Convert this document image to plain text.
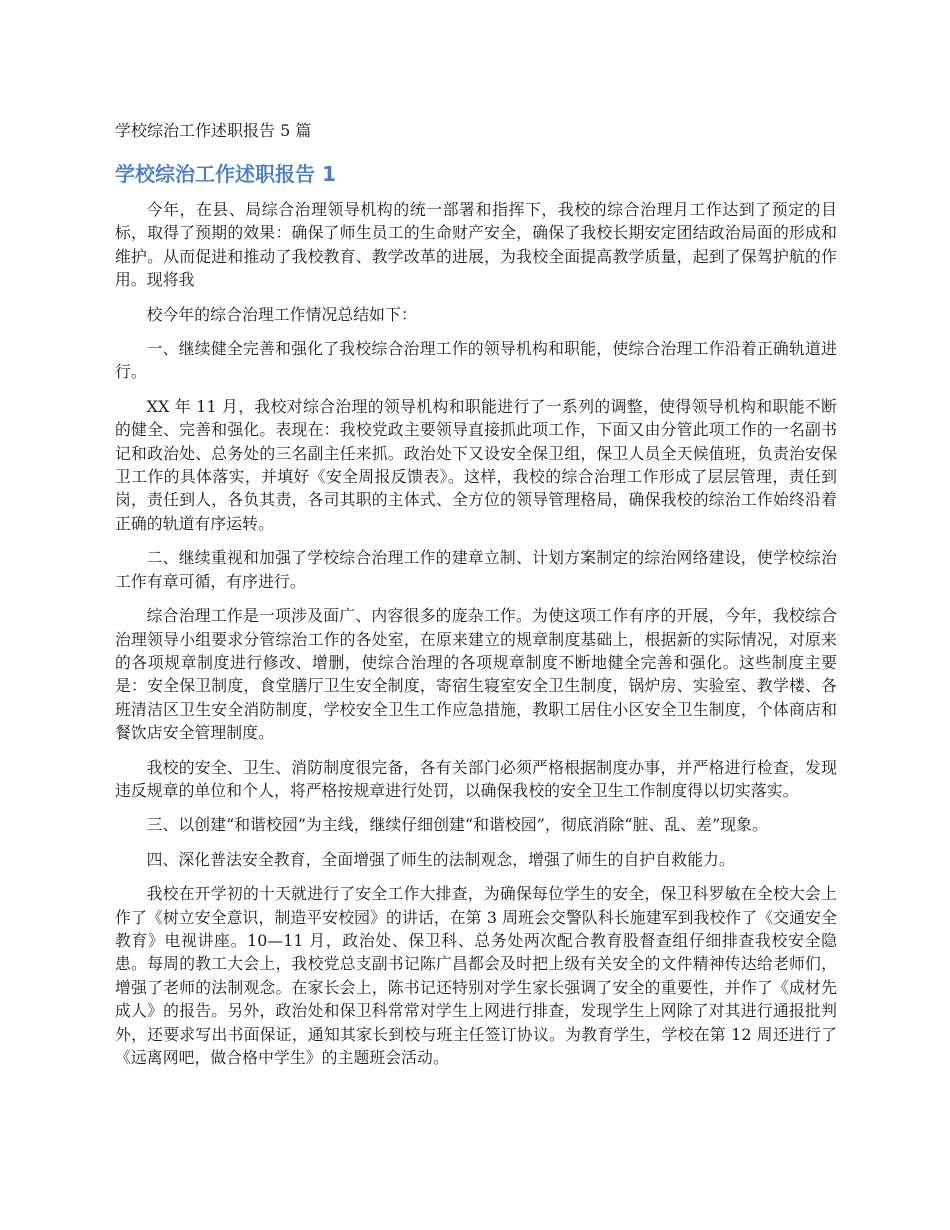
学校综治工作述职报告 5 篇
学校综治工作述职报告 1

今年，在县、局综合治理领导机构的统一部署和指挥下，我校的综合治理月工作达到了预定的目标，取得了预期的效果：确保了师生员工的生命财产安全，确保了我校长期安定团结政治局面的形成和维护。从而促进和推动了我校教育、教学改革的进展，为我校全面提高教学质量，起到了保驾护航的作用。现将我

校今年的综合治理工作情况总结如下：

一、继续健全完善和强化了我校综合治理工作的领导机构和职能，使综合治理工作沿着正确轨道进行。

XX 年 11 月，我校对综合治理的领导机构和职能进行了一系列的调整，使得领导机构和职能不断的健全、完善和强化。表现在：我校党政主要领导直接抓此项工作，下面又由分管此项工作的一名副书记和政治处、总务处的三名副主任来抓。政治处下又设安全保卫组，保卫人员全天候值班，负责治安保卫工作的具体落实，并填好《安全周报反馈表》。这样，我校的综合治理工作形成了层层管理，责任到岗，责任到人，各负其责，各司其职的主体式、全方位的领导管理格局，确保我校的综治工作始终沿着正确的轨道有序运转。

二、继续重视和加强了学校综合治理工作的建章立制、计划方案制定的综治网络建设，使学校综治工作有章可循，有序进行。

综合治理工作是一项涉及面广、内容很多的庞杂工作。为使这项工作有序的开展，今年，我校综合治理领导小组要求分管综治工作的各处室，在原来建立的规章制度基础上，根据新的实际情况，对原来的各项规章制度进行修改、增删，使综合治理的各项规章制度不断地健全完善和强化。这些制度主要是：安全保卫制度，食堂膳厅卫生安全制度，寄宿生寝室安全卫生制度，锅炉房、实验室、教学楼、各班清洁区卫生安全消防制度，学校安全卫生工作应急措施，教职工居住小区安全卫生制度，个体商店和餐饮店安全管理制度。

我校的安全、卫生、消防制度很完备，各有关部门必须严格根据制度办事，并严格进行检查，发现违反规章的单位和个人，将严格按规章进行处罚，以确保我校的安全卫生工作制度得以切实落实。

三、以创建“和谐校园”为主线，继续仔细创建“和谐校园”，彻底消除“脏、乱、差”现象。

四、深化普法安全教育，全面增强了师生的法制观念，增强了师生的自护自救能力。

我校在开学初的十天就进行了安全工作大排查，为确保每位学生的安全，保卫科罗敏在全校大会上作了《树立安全意识，制造平安校园》的讲话，在第 3 周班会交警队科长施建军到我校作了《交通安全教育》电视讲座。10—11 月，政治处、保卫科、总务处两次配合教育股督查组仔细排查我校安全隐患。每周的教工大会上，我校党总支副书记陈广昌都会及时把上级有关安全的文件精神传达给老师们，增强了老师的法制观念。在家长会上，陈书记还特别对学生家长强调了安全的重要性，并作了《成材先成人》的报告。另外，政治处和保卫科常常对学生上网进行排查，发现学生上网除了对其进行通报批判外，还要求写出书面保证，通知其家长到校与班主任签订协议。为教育学生，学校在第 12 周还进行了《远离网吧，做合格中学生》的主题班会活动。
